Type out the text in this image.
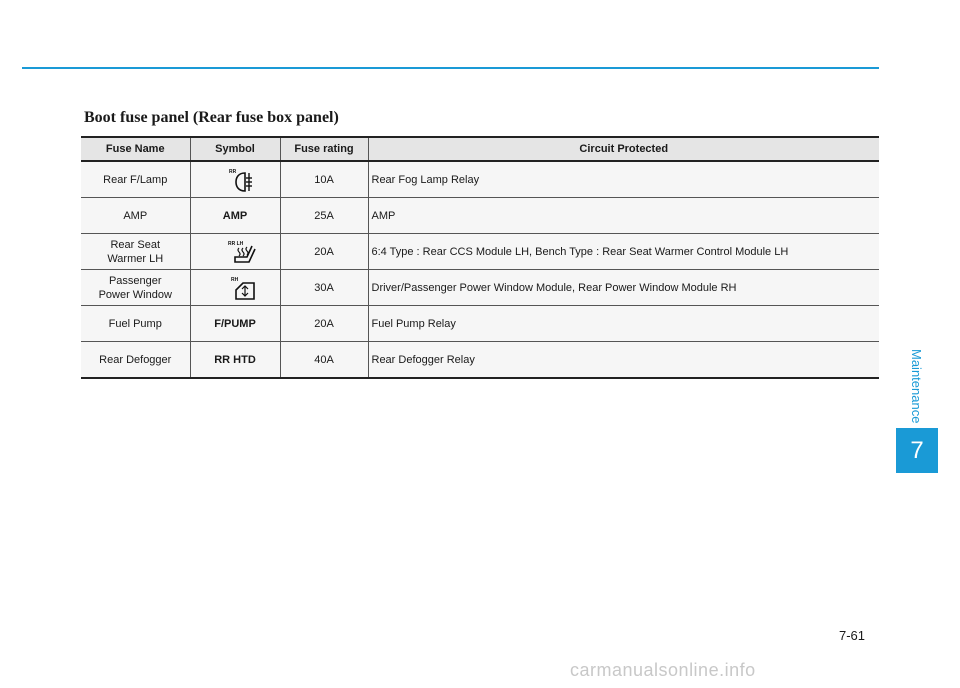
Boot fuse panel (Rear fuse box panel)
Fuse Name	Symbol	Fuse rating	Circuit Protected
Rear F/Lamp	RR	10A	Rear Fog Lamp Relay
AMP	AMP	25A	AMP
Rear Seat
Warmer LH	RR LH	20A	6:4 Type : Rear CCS Module LH, Bench Type : Rear Seat Warmer Control Module LH
Passenger
Power Window	RH	30A	Driver/Passenger Power Window Module, Rear Power Window Module RH
Fuel Pump	F/PUMP	20A	Fuel Pump Relay
Rear Defogger	RR HTD	40A	Rear Defogger Relay	Maintenance
7
7-61
carmanualsonline.info
